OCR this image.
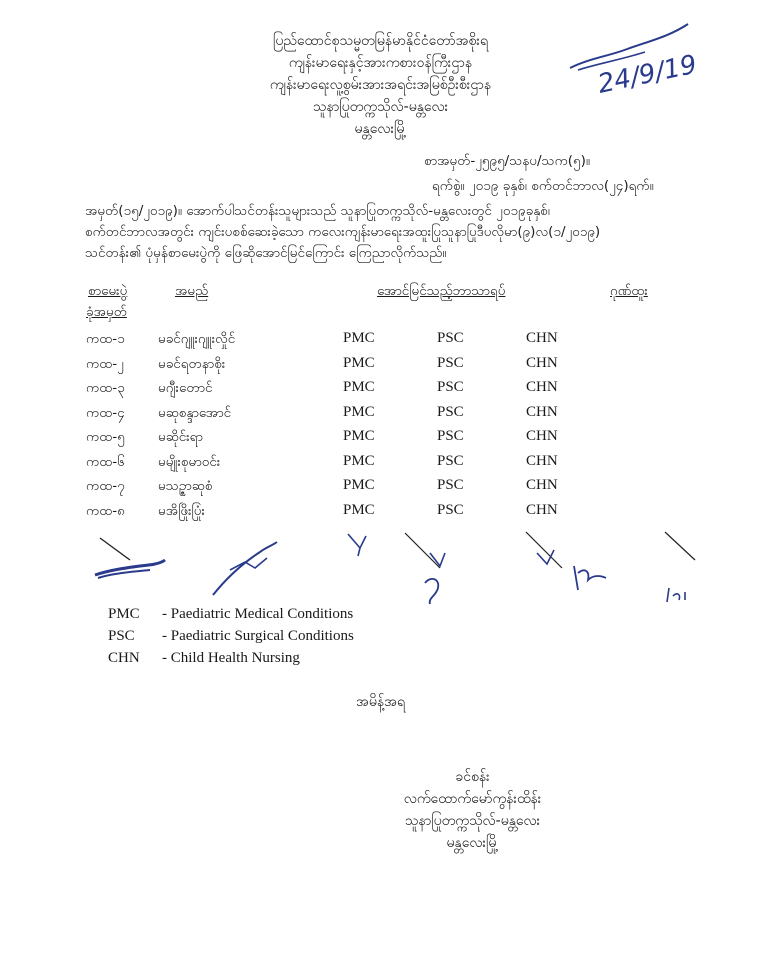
ပြည်ထောင်စုသမ္မတမြန်မာနိုင်ငံတော်အစိုးရ
ကျန်းမာရေးနှင့်အားကစားဝန်ကြီးဌာန
ကျန်းမာရေးလူ့စွမ်းအားအရင်းအမြစ်ဦးစီးဌာန
သူနာပြုတက္ကသိုလ်-မန္တလေး
မန္တလေးမြို့
24/9/19
စာအမှတ်-၂၅၉၅/သနပ/သက(၅)။
ရက်စွဲ။ ၂၀၁၉ ခုနှစ်၊ စက်တင်ဘာလ(၂၄)ရက်။
အမှတ်(၁၅/၂၀၁၉)။ အောက်ပါသင်တန်းသူများသည် သူနာပြုတက္ကသိုလ်-မန္တလေးတွင် ၂၀၁၉ခုနှစ်၊
စက်တင်ဘာလအတွင်း ကျင်းပစစ်ဆေးခဲ့သော ကလေးကျန်းမာရေးအထူးပြုသူနာပြုဒီပလိုမာ(၉)လ(၁/၂၀၁၉)
သင်တန်း၏ ပုံမှန်စာမေးပွဲကို ဖြေဆိုအောင်မြင်ကြောင်း ကြေညာလိုက်သည်။
စာမေးပွဲ
ခုံအမှတ်
အမည်	အောင်မြင်သည့်ဘာသာရပ်	ဂုဏ်ထူး
ကထ-၁ မခင်ဂျူးဂျူးလှိုင်	PMC	PSC	CHN
ကထ-၂	မခင်ရတနာစိုး	PMC	PSC	CHN
ကထ-၃ မဂျီးတောင်	PMC	PSC	CHN
ကထ-၄ မဆုစန္ဒာအောင်	PMC	PSC	CHN
ကထ-၅ မဆိုင်းရာ	PMC	PSC	CHN
ကထ-၆ မမျိုးစုမာဝင်း	PMC	PSC	CHN
ကထ-၇ မသဥ္ဇာဆုစံ	PMC	PSC	CHN
ကထ-၈ မအိဖြိုးပြုံး	PMC	PSC	CHN
PMC - Paediatric Medical Conditions
PSC - Paediatric Surgical Conditions
CHN - Child Health Nursing
အမိန့်အရ
ခင်စန်း
လက်ထောက်မော်ကွန်းထိန်း
သူနာပြုတက္ကသိုလ်-မန္တလေး
မန္တလေးမြို့
